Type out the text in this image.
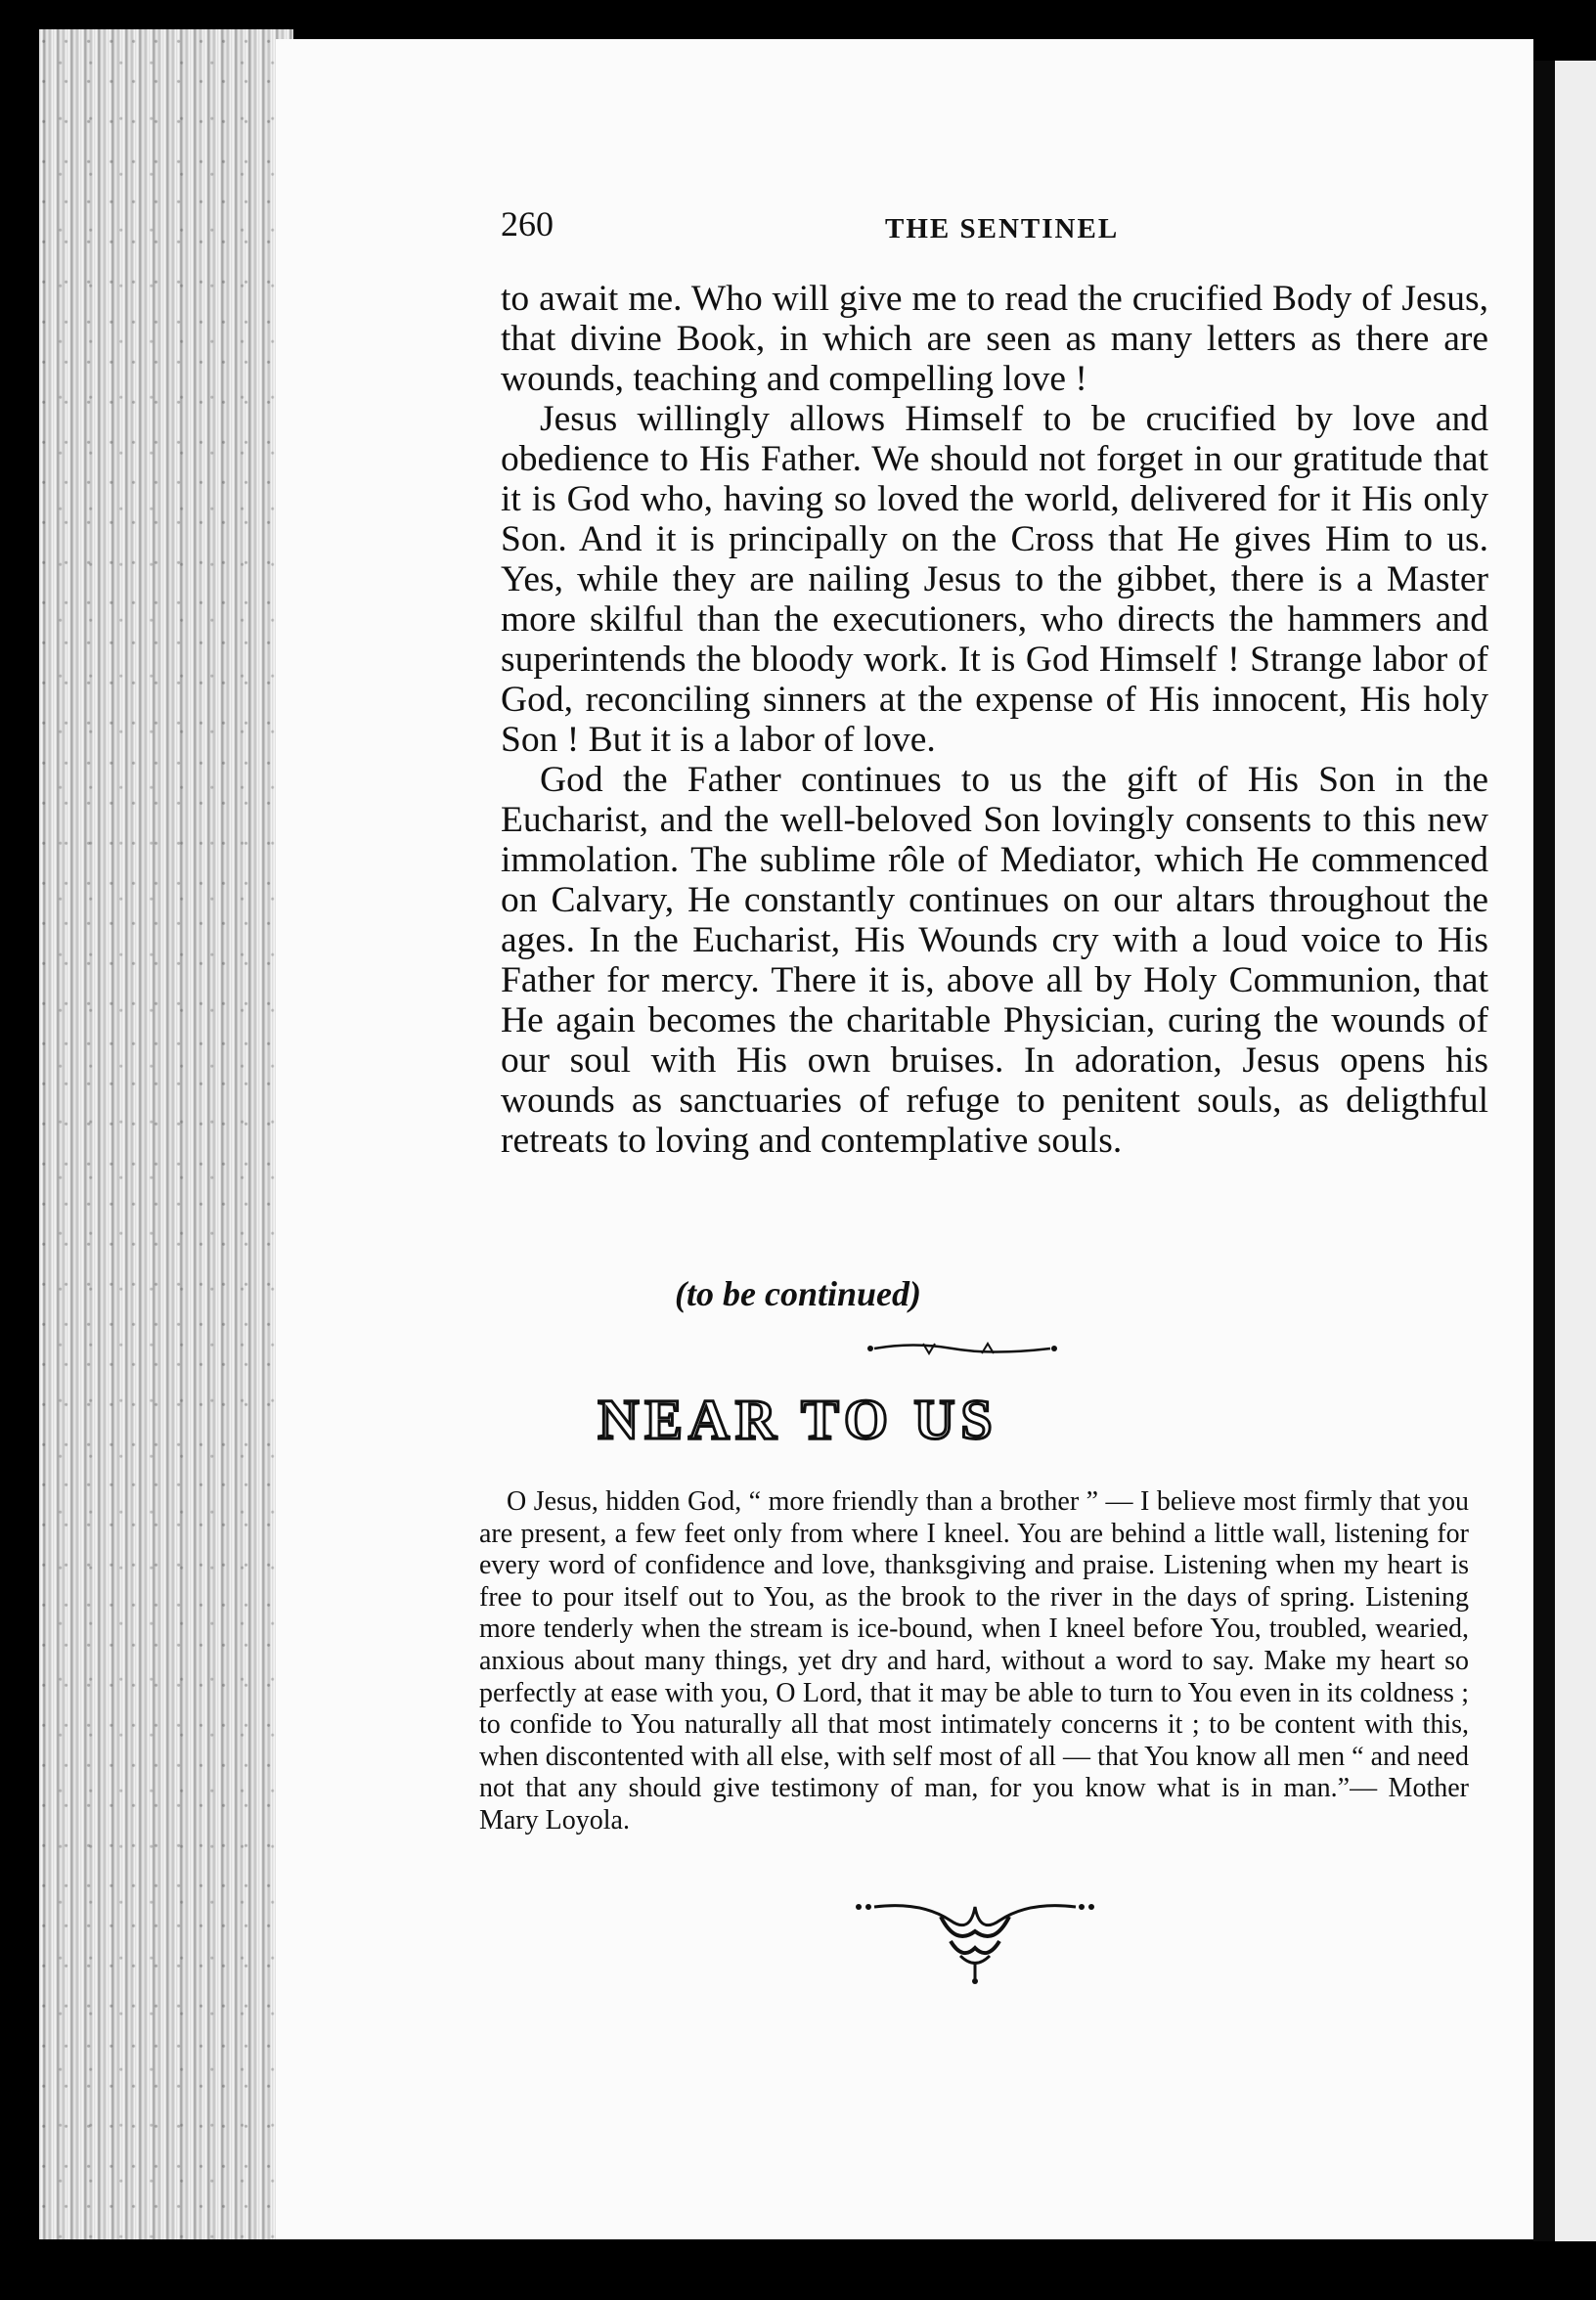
260	THE SENTINEL

to await me. Who will give me to read the crucified Body of Jesus, that divine Book, in which are seen as many letters as there are wounds, teaching and compelling love !

Jesus willingly allows Himself to be crucified by love and obedience to His Father. We should not forget in our gratitude that it is God who, having so loved the world, delivered for it His only Son. And it is principally on the Cross that He gives Him to us. Yes, while they are nailing Jesus to the gibbet, there is a Master more skilful than the executioners, who directs the hammers and superintends the bloody work. It is God Himself ! Strange labor of God, reconciling sinners at the expense of His innocent, His holy Son ! But it is a labor of love.

God the Father continues to us the gift of His Son in the Eucharist, and the well-beloved Son lovingly consents to this new immolation. The sublime rôle of Mediator, which He commenced on Calvary, He constantly continues on our altars throughout the ages. In the Eucharist, His Wounds cry with a loud voice to His Father for mercy. There it is, above all by Holy Communion, that He again becomes the charitable Physician, curing the wounds of our soul with His own bruises. In adoration, Jesus opens his wounds as sanctuaries of refuge to penitent souls, as deligthful retreats to loving and contemplative souls.

(to be continued)
NEAR TO US

O Jesus, hidden God, “ more friendly than a brother ” — I believe most firmly that you are present, a few feet only from where I kneel. You are behind a little wall, listening for every word of confidence and love, thanksgiving and praise. Listening when my heart is free to pour itself out to You, as the brook to the river in the days of spring. Listening more tenderly when the stream is ice-bound, when I kneel before You, troubled, wearied, anxious about many things, yet dry and hard, without a word to say. Make my heart so perfectly at ease with you, O Lord, that it may be able to turn to You even in its coldness ; to confide to You naturally all that most intimately concerns it ; to be content with this, when discontented with all else, with self most of all — that You know all men “ and need not that any should give testimony of man, for you know what is in man.”— Mother Mary Loyola.
